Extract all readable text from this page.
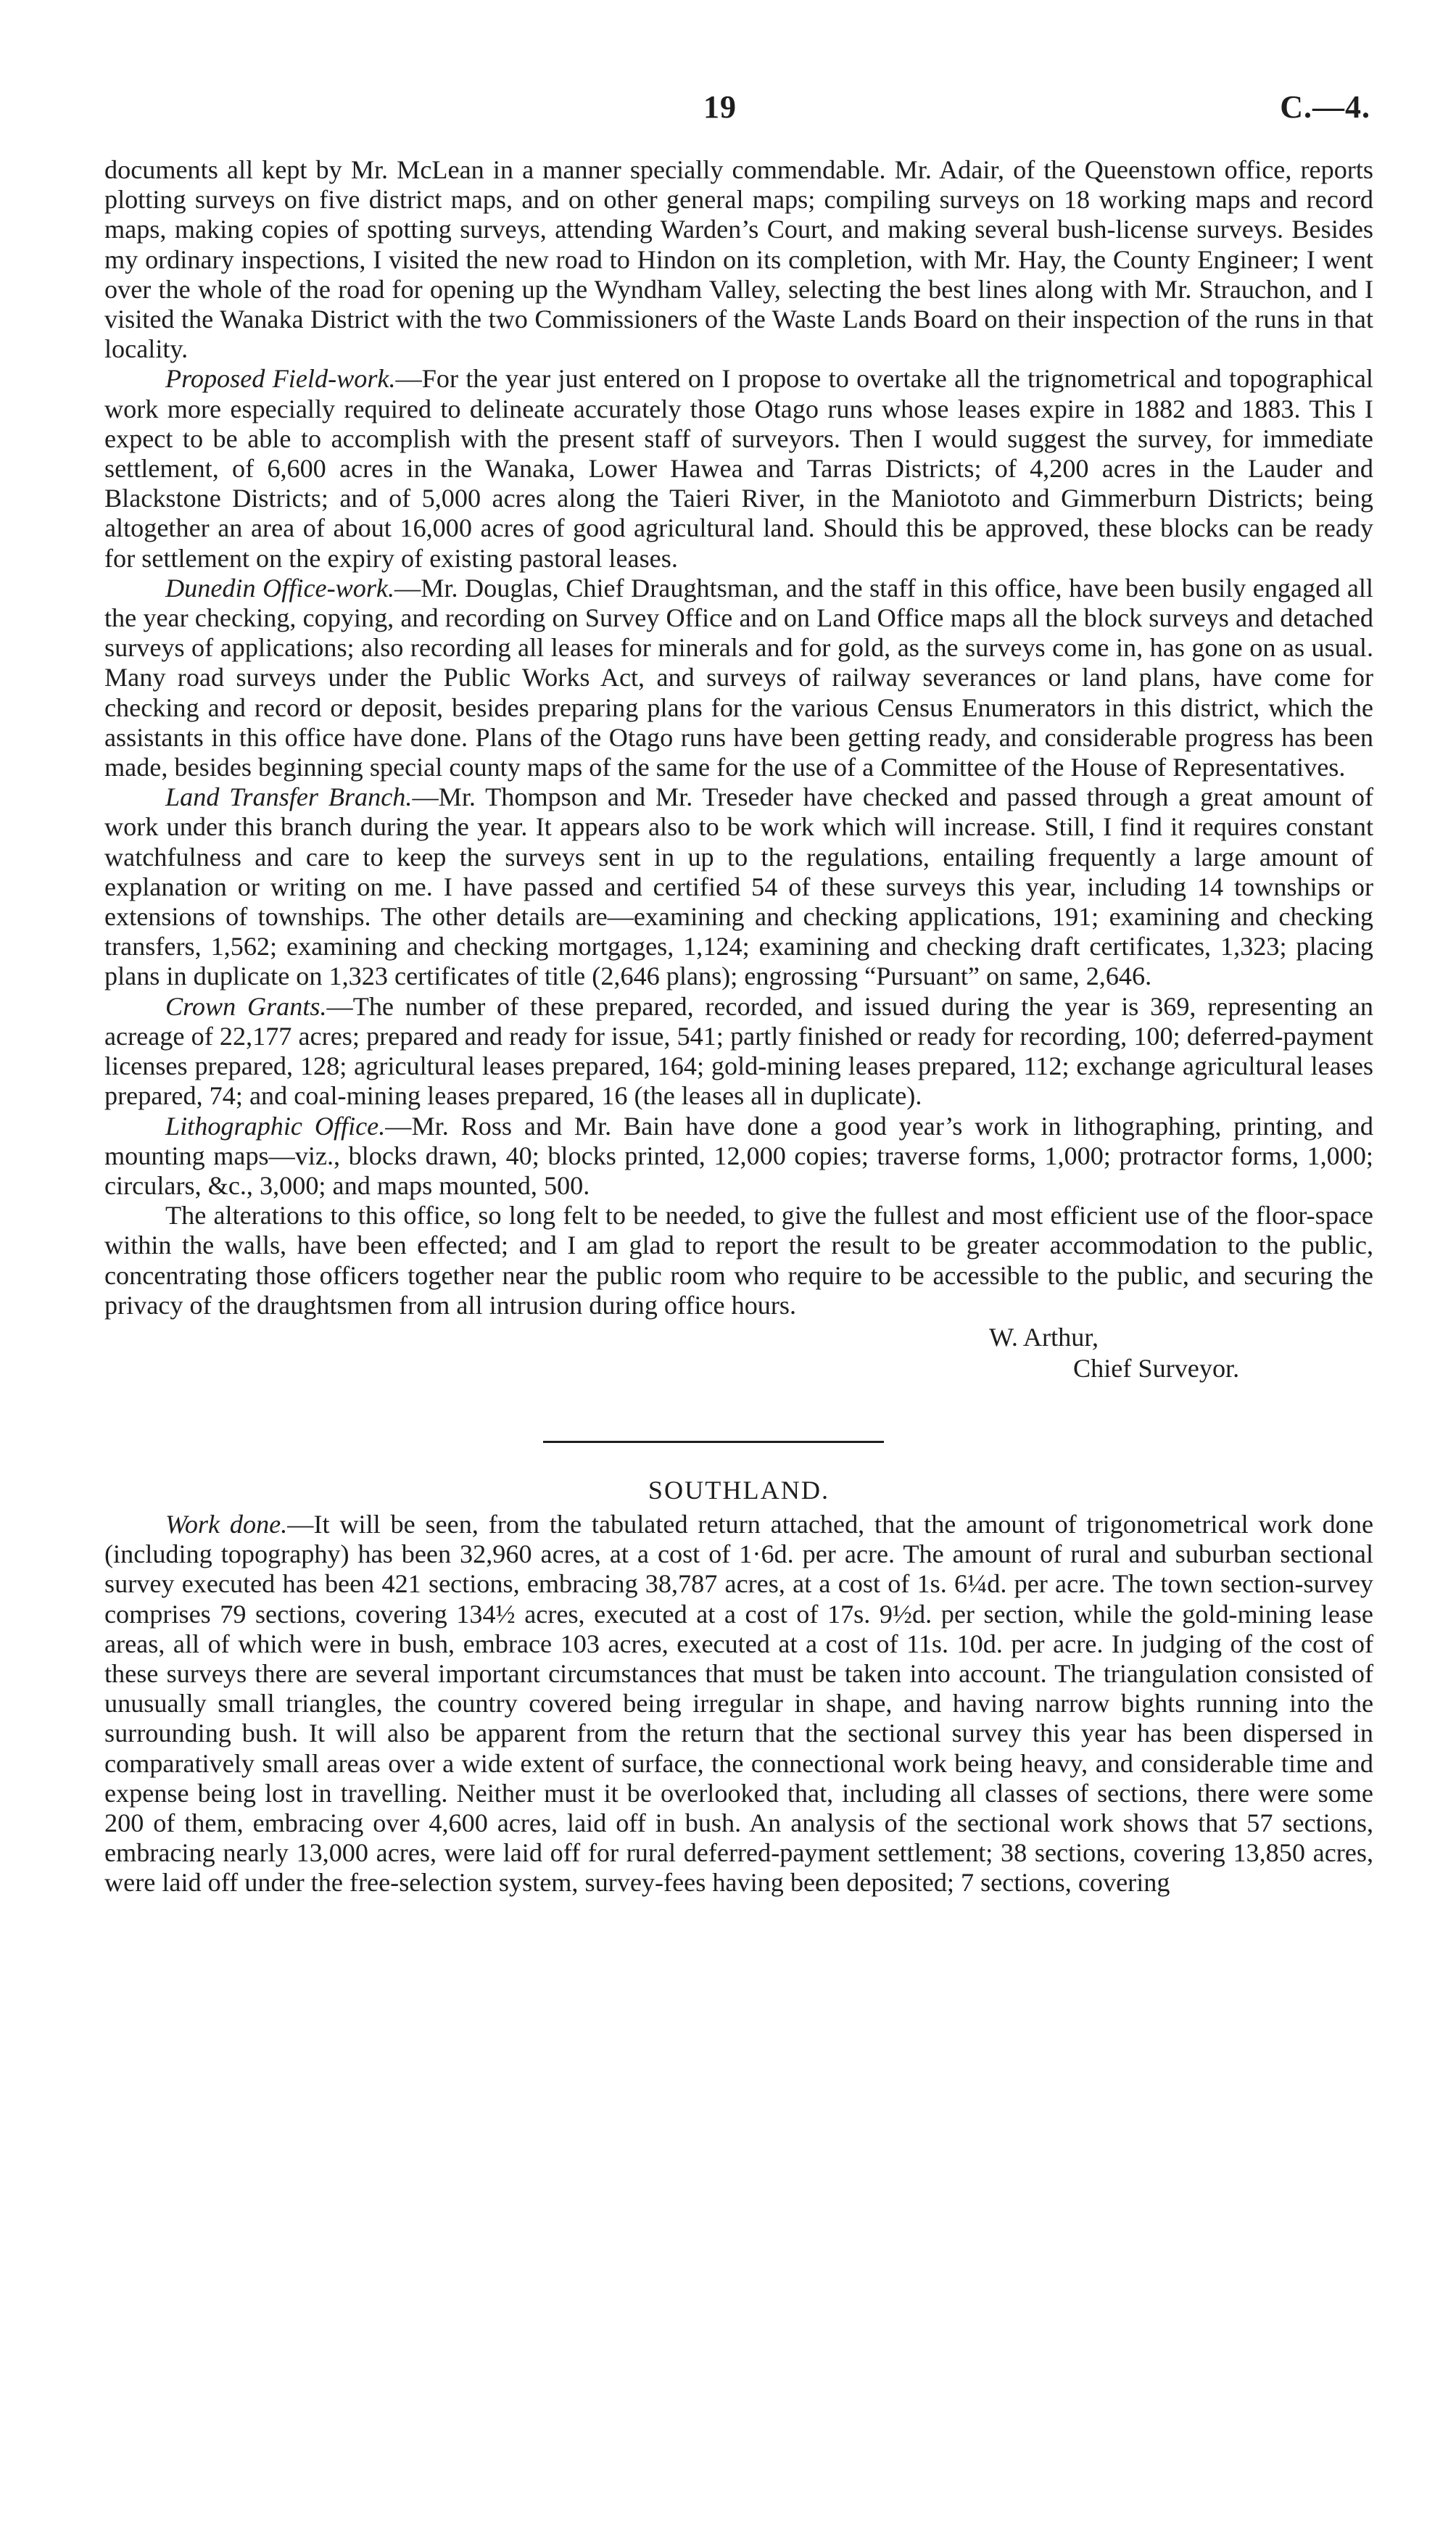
19	C.—4.

documents all kept by Mr. McLean in a manner specially commendable. Mr. Adair, of the Queenstown office, reports plotting surveys on five district maps, and on other general maps; compiling surveys on 18 working maps and record maps, making copies of spotting surveys, attending Warden’s Court, and making several bush-license surveys. Besides my ordinary inspections, I visited the new road to Hindon on its completion, with Mr. Hay, the County Engineer; I went over the whole of the road for opening up the Wyndham Valley, selecting the best lines along with Mr. Strauchon, and I visited the Wanaka District with the two Commissioners of the Waste Lands Board on their inspection of the runs in that locality.

Proposed Field-work.—For the year just entered on I propose to overtake all the trignometrical and topographical work more especially required to delineate accurately those Otago runs whose leases expire in 1882 and 1883. This I expect to be able to accomplish with the present staff of surveyors. Then I would suggest the survey, for immediate settlement, of 6,600 acres in the Wanaka, Lower Hawea and Tarras Districts; of 4,200 acres in the Lauder and Blackstone Districts; and of 5,000 acres along the Taieri River, in the Maniototo and Gimmerburn Districts; being altogether an area of about 16,000 acres of good agricultural land. Should this be approved, these blocks can be ready for settlement on the expiry of existing pastoral leases.

Dunedin Office-work.—Mr. Douglas, Chief Draughtsman, and the staff in this office, have been busily engaged all the year checking, copying, and recording on Survey Office and on Land Office maps all the block surveys and detached surveys of applications; also recording all leases for minerals and for gold, as the surveys come in, has gone on as usual. Many road surveys under the Public Works Act, and surveys of railway severances or land plans, have come for checking and record or deposit, besides preparing plans for the various Census Enumerators in this district, which the assistants in this office have done. Plans of the Otago runs have been getting ready, and considerable progress has been made, besides beginning special county maps of the same for the use of a Committee of the House of Representatives.

Land Transfer Branch.—Mr. Thompson and Mr. Treseder have checked and passed through a great amount of work under this branch during the year. It appears also to be work which will increase. Still, I find it requires constant watchfulness and care to keep the surveys sent in up to the regulations, entailing frequently a large amount of explanation or writing on me. I have passed and certified 54 of these surveys this year, including 14 townships or extensions of townships. The other details are—examining and checking applications, 191; examining and checking transfers, 1,562; examining and checking mortgages, 1,124; examining and checking draft certificates, 1,323; placing plans in duplicate on 1,323 certificates of title (2,646 plans); engrossing “Pursuant” on same, 2,646.

Crown Grants.—The number of these prepared, recorded, and issued during the year is 369, representing an acreage of 22,177 acres; prepared and ready for issue, 541; partly finished or ready for recording, 100; deferred-payment licenses prepared, 128; agricultural leases prepared, 164; gold-mining leases prepared, 112; exchange agricultural leases prepared, 74; and coal-mining leases prepared, 16 (the leases all in duplicate).

Lithographic Office.—Mr. Ross and Mr. Bain have done a good year’s work in lithographing, printing, and mounting maps—viz., blocks drawn, 40; blocks printed, 12,000 copies; traverse forms, 1,000; protractor forms, 1,000; circulars, &c., 3,000; and maps mounted, 500.

The alterations to this office, so long felt to be needed, to give the fullest and most efficient use of the floor-space within the walls, have been effected; and I am glad to report the result to be greater accommodation to the public, concentrating those officers together near the public room who require to be accessible to the public, and securing the privacy of the draughtsmen from all intrusion during office hours.

W. Arthur,
Chief Surveyor.
SOUTHLAND.

Work done.—It will be seen, from the tabulated return attached, that the amount of trigonometrical work done (including topography) has been 32,960 acres, at a cost of 1·6d. per acre. The amount of rural and suburban sectional survey executed has been 421 sections, embracing 38,787 acres, at a cost of 1s. 6¼d. per acre. The town section-survey comprises 79 sections, covering 134½ acres, executed at a cost of 17s. 9½d. per section, while the gold-mining lease areas, all of which were in bush, embrace 103 acres, executed at a cost of 11s. 10d. per acre. In judging of the cost of these surveys there are several important circumstances that must be taken into account. The triangulation consisted of unusually small triangles, the country covered being irregular in shape, and having narrow bights running into the surrounding bush. It will also be apparent from the return that the sectional survey this year has been dispersed in comparatively small areas over a wide extent of surface, the connectional work being heavy, and considerable time and expense being lost in travelling. Neither must it be overlooked that, including all classes of sections, there were some 200 of them, embracing over 4,600 acres, laid off in bush. An analysis of the sectional work shows that 57 sections, embracing nearly 13,000 acres, were laid off for rural deferred-payment settlement; 38 sections, covering 13,850 acres, were laid off under the free-selection system, survey-fees having been deposited; 7 sections, covering
